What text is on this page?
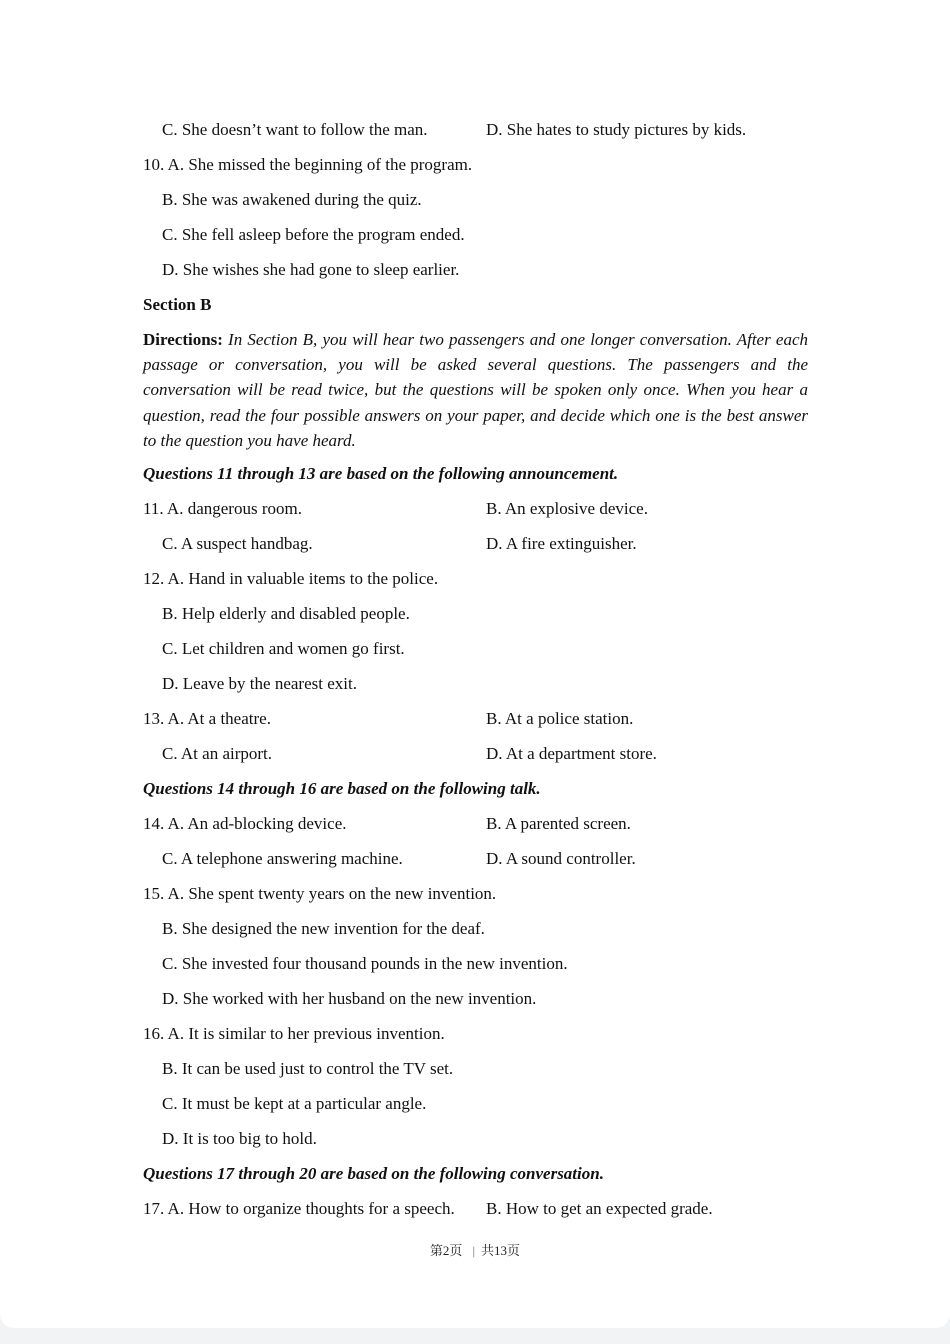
C. She doesn’t want to follow the man.	D. She hates to study pictures by kids.
10. A. She missed the beginning of the program.
B. She was awakened during the quiz.
C. She fell asleep before the program ended.
D. She wishes she had gone to sleep earlier.
Section B
Directions: In Section B, you will hear two passengers and one longer conversation. After each passage or conversation, you will be asked several questions. The passengers and the conversation will be read twice, but the questions will be spoken only once. When you hear a question, read the four possible answers on your paper, and decide which one is the best answer to the question you have heard.
Questions 11 through 13 are based on the following announcement.
11. A. dangerous room.	B. An explosive device.
C. A suspect handbag.	D. A fire extinguisher.
12. A. Hand in valuable items to the police.
B. Help elderly and disabled people.
C. Let children and women go first.
D. Leave by the nearest exit.
13. A. At a theatre.	B. At a police station.
C. At an airport.	D. At a department store.
Questions 14 through 16 are based on the following talk.
14. A. An ad-blocking device.	B. A parented screen.
C. A telephone answering machine.	D. A sound controller.
15. A. She spent twenty years on the new invention.
B. She designed the new invention for the deaf.
C. She invested four thousand pounds in the new invention.
D. She worked with her husband on the new invention.
16. A. It is similar to her previous invention.
B. It can be used just to control the TV set.
C. It must be kept at a particular angle.
D. It is too big to hold.
Questions 17 through 20 are based on the following conversation.
17. A. How to organize thoughts for a speech. B. How to get an expected grade.
第2页 | 共13页
